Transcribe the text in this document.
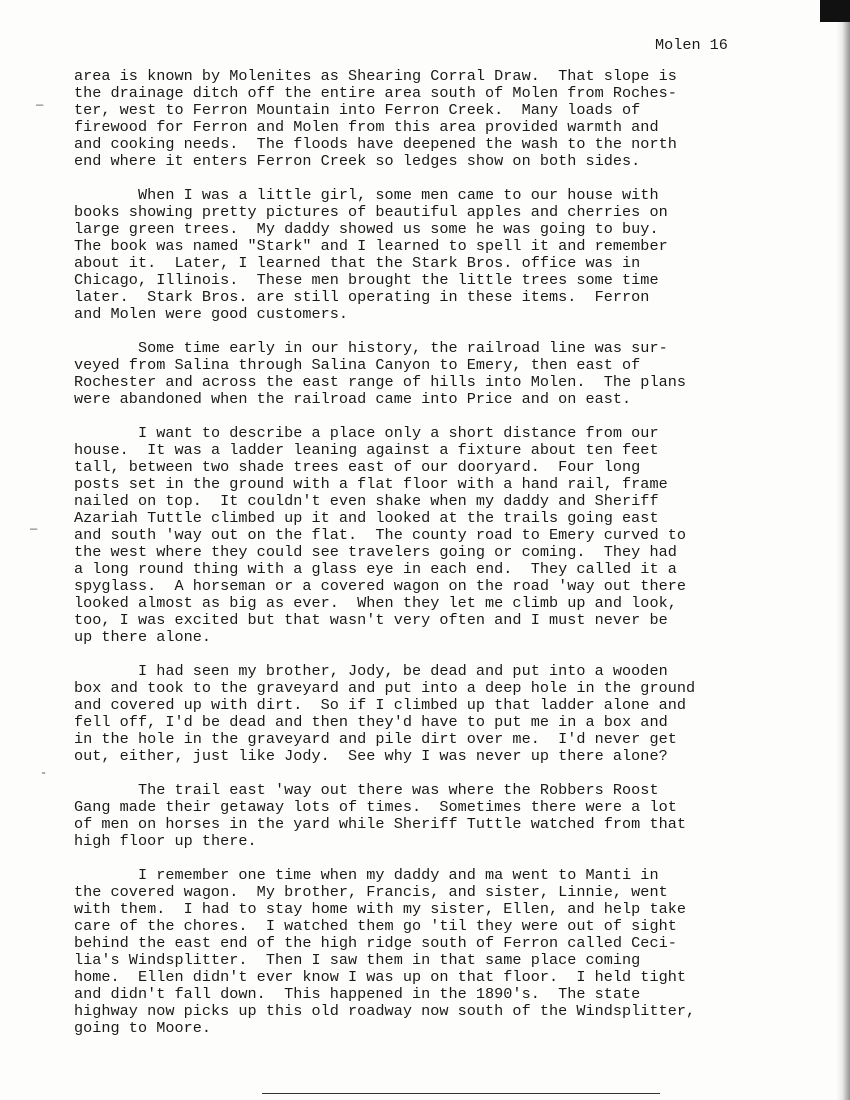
Molen 16
—
—
-
area is known by Molenites as Shearing Corral Draw.  That slope is
the drainage ditch off the entire area south of Molen from Roches-
ter, west to Ferron Mountain into Ferron Creek.  Many loads of
firewood for Ferron and Molen from this area provided warmth and
and cooking needs.  The floods have deepened the wash to the north
end where it enters Ferron Creek so ledges show on both sides.
When I was a little girl, some men came to our house with
books showing pretty pictures of beautiful apples and cherries on
large green trees.  My daddy showed us some he was going to buy.
The book was named "Stark" and I learned to spell it and remember
about it.  Later, I learned that the Stark Bros. office was in
Chicago, Illinois.  These men brought the little trees some time
later.  Stark Bros. are still operating in these items.  Ferron
and Molen were good customers.
Some time early in our history, the railroad line was sur-
veyed from Salina through Salina Canyon to Emery, then east of
Rochester and across the east range of hills into Molen.  The plans
were abandoned when the railroad came into Price and on east.
I want to describe a place only a short distance from our
house.  It was a ladder leaning against a fixture about ten feet
tall, between two shade trees east of our dooryard.  Four long
posts set in the ground with a flat floor with a hand rail, frame
nailed on top.  It couldn't even shake when my daddy and Sheriff
Azariah Tuttle climbed up it and looked at the trails going east
and south 'way out on the flat.  The county road to Emery curved to
the west where they could see travelers going or coming.  They had
a long round thing with a glass eye in each end.  They called it a
spyglass.  A horseman or a covered wagon on the road 'way out there
looked almost as big as ever.  When they let me climb up and look,
too, I was excited but that wasn't very often and I must never be
up there alone.
I had seen my brother, Jody, be dead and put into a wooden
box and took to the graveyard and put into a deep hole in the ground
and covered up with dirt.  So if I climbed up that ladder alone and
fell off, I'd be dead and then they'd have to put me in a box and
in the hole in the graveyard and pile dirt over me.  I'd never get
out, either, just like Jody.  See why I was never up there alone?
The trail east 'way out there was where the Robbers Roost
Gang made their getaway lots of times.  Sometimes there were a lot
of men on horses in the yard while Sheriff Tuttle watched from that
high floor up there.
I remember one time when my daddy and ma went to Manti in
the covered wagon.  My brother, Francis, and sister, Linnie, went
with them.  I had to stay home with my sister, Ellen, and help take
care of the chores.  I watched them go 'til they were out of sight
behind the east end of the high ridge south of Ferron called Ceci-
lia's Windsplitter.  Then I saw them in that same place coming
home.  Ellen didn't ever know I was up on that floor.  I held tight
and didn't fall down.  This happened in the 1890's.  The state
highway now picks up this old roadway now south of the Windsplitter,
going to Moore.
